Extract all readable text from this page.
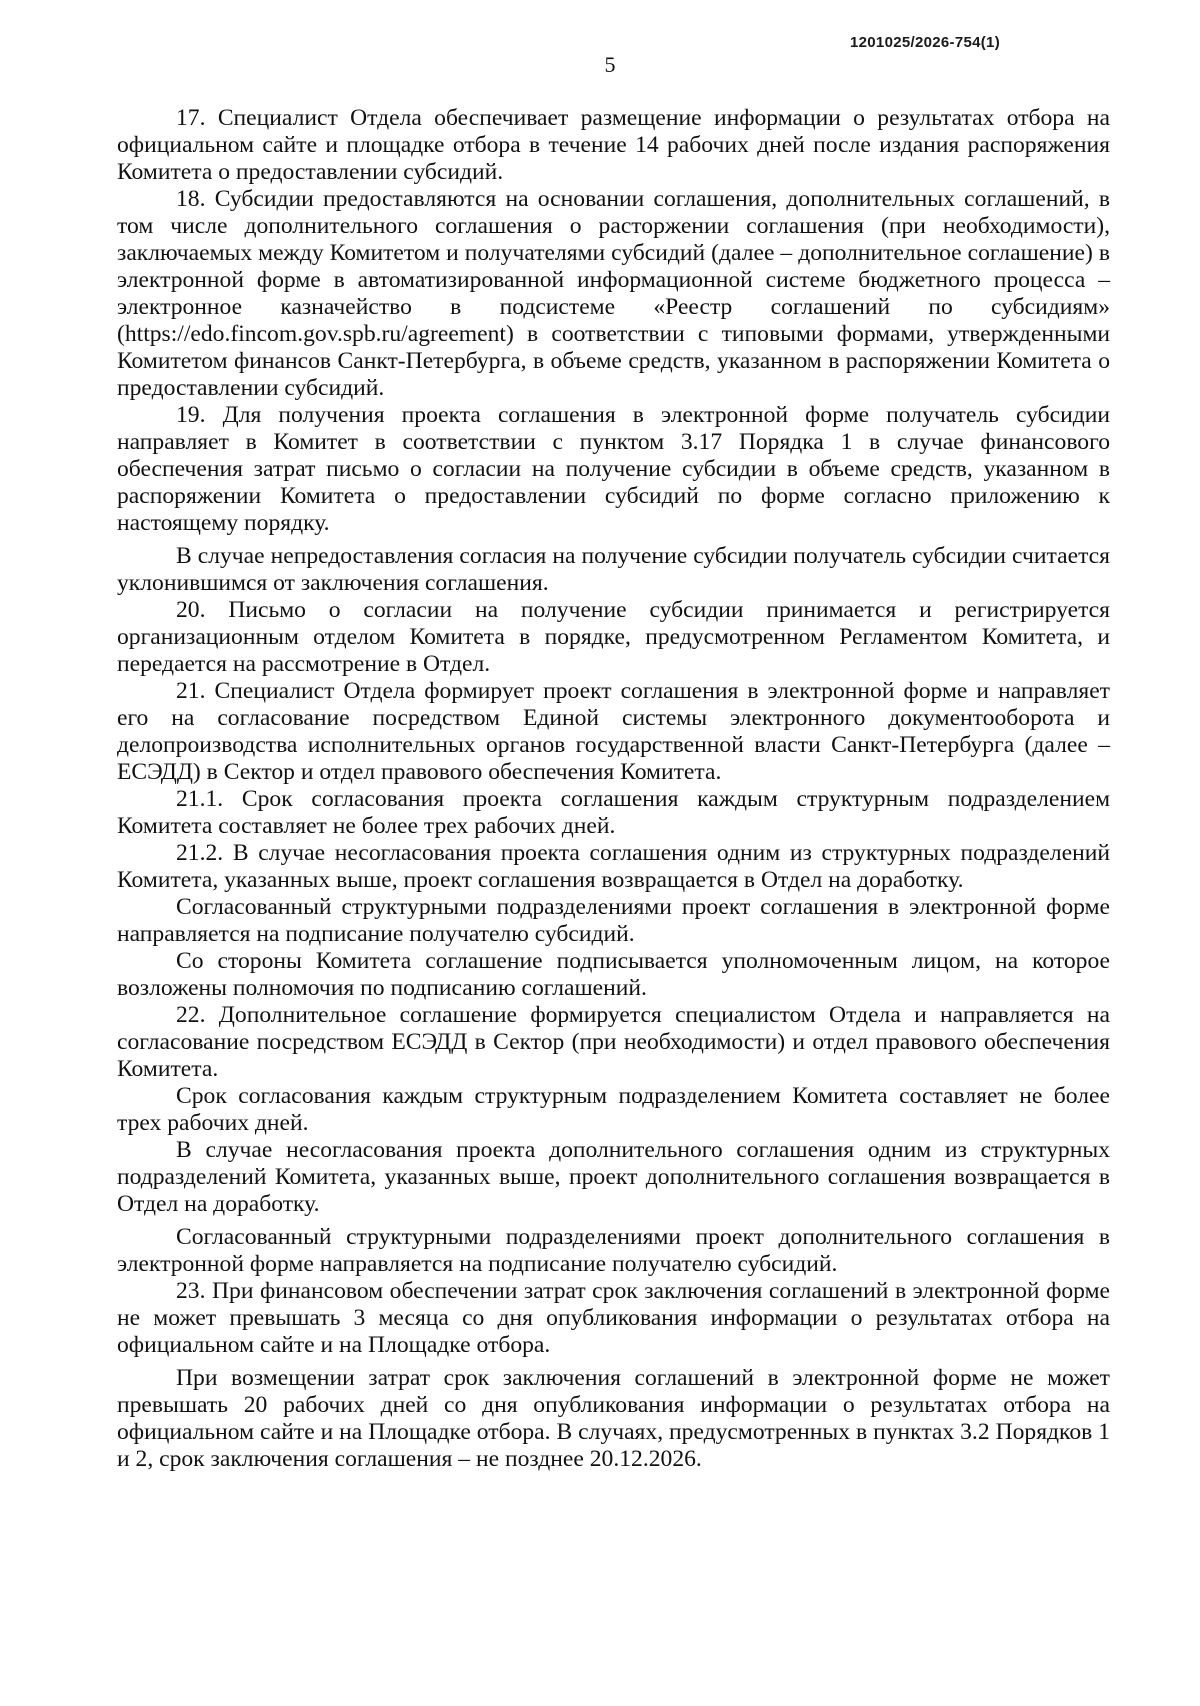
1201025/2026-754(1)
5

17. Специалист Отдела обеспечивает размещение информации о результатах отбора на официальном сайте и площадке отбора в течение 14 рабочих дней после издания распоряжения Комитета о предоставлении субсидий.

18. Субсидии предоставляются на основании соглашения, дополнительных соглашений, в том числе дополнительного соглашения о расторжении соглашения (при необходимости), заключаемых между Комитетом и получателями субсидий (далее – дополнительное соглашение) в электронной форме в автоматизированной информационной системе бюджетного процесса – электронное казначейство в подсистеме «Реестр соглашений по субсидиям» (https://edo.fincom.gov.spb.ru/agreement) в соответствии с типовыми формами, утвержденными Комитетом финансов Санкт-Петербурга, в объеме средств, указанном в распоряжении Комитета о предоставлении субсидий.

19. Для получения проекта соглашения в электронной форме получатель субсидии направляет в Комитет в соответствии с пунктом 3.17 Порядка 1 в случае финансового обеспечения затрат письмо о согласии на получение субсидии в объеме средств, указанном в распоряжении Комитета о предоставлении субсидий по форме согласно приложению к настоящему порядку.

В случае непредоставления согласия на получение субсидии получатель субсидии считается уклонившимся от заключения соглашения.

20. Письмо о согласии на получение субсидии принимается и регистрируется организационным отделом Комитета в порядке, предусмотренном Регламентом Комитета, и передается на рассмотрение в Отдел.

21. Специалист Отдела формирует проект соглашения в электронной форме и направляет его на согласование посредством Единой системы электронного документооборота и делопроизводства исполнительных органов государственной власти Санкт-Петербурга (далее – ЕСЭДД) в Сектор и отдел правового обеспечения Комитета.

21.1. Срок согласования проекта соглашения каждым структурным подразделением Комитета составляет не более трех рабочих дней.

21.2. В случае несогласования проекта соглашения одним из структурных подразделений Комитета, указанных выше, проект соглашения возвращается в Отдел на доработку.

Согласованный структурными подразделениями проект соглашения в электронной форме направляется на подписание получателю субсидий.

Со стороны Комитета соглашение подписывается уполномоченным лицом, на которое возложены полномочия по подписанию соглашений.

22. Дополнительное соглашение формируется специалистом Отдела и направляется на согласование посредством ЕСЭДД в Сектор (при необходимости) и отдел правового обеспечения Комитета.

Срок согласования каждым структурным подразделением Комитета составляет не более трех рабочих дней.

В случае несогласования проекта дополнительного соглашения одним из структурных подразделений Комитета, указанных выше, проект дополнительного соглашения возвращается в Отдел на доработку.

Согласованный структурными подразделениями проект дополнительного соглашения в электронной форме направляется на подписание получателю субсидий.

23. При финансовом обеспечении затрат срок заключения соглашений в электронной форме не может превышать 3 месяца со дня опубликования информации о результатах отбора на официальном сайте и на Площадке отбора.

При возмещении затрат срок заключения соглашений в электронной форме не может превышать 20 рабочих дней со дня опубликования информации о результатах отбора на официальном сайте и на Площадке отбора. В случаях, предусмотренных в пунктах 3.2 Порядков 1 и 2, срок заключения соглашения – не позднее 20.12.2026.
